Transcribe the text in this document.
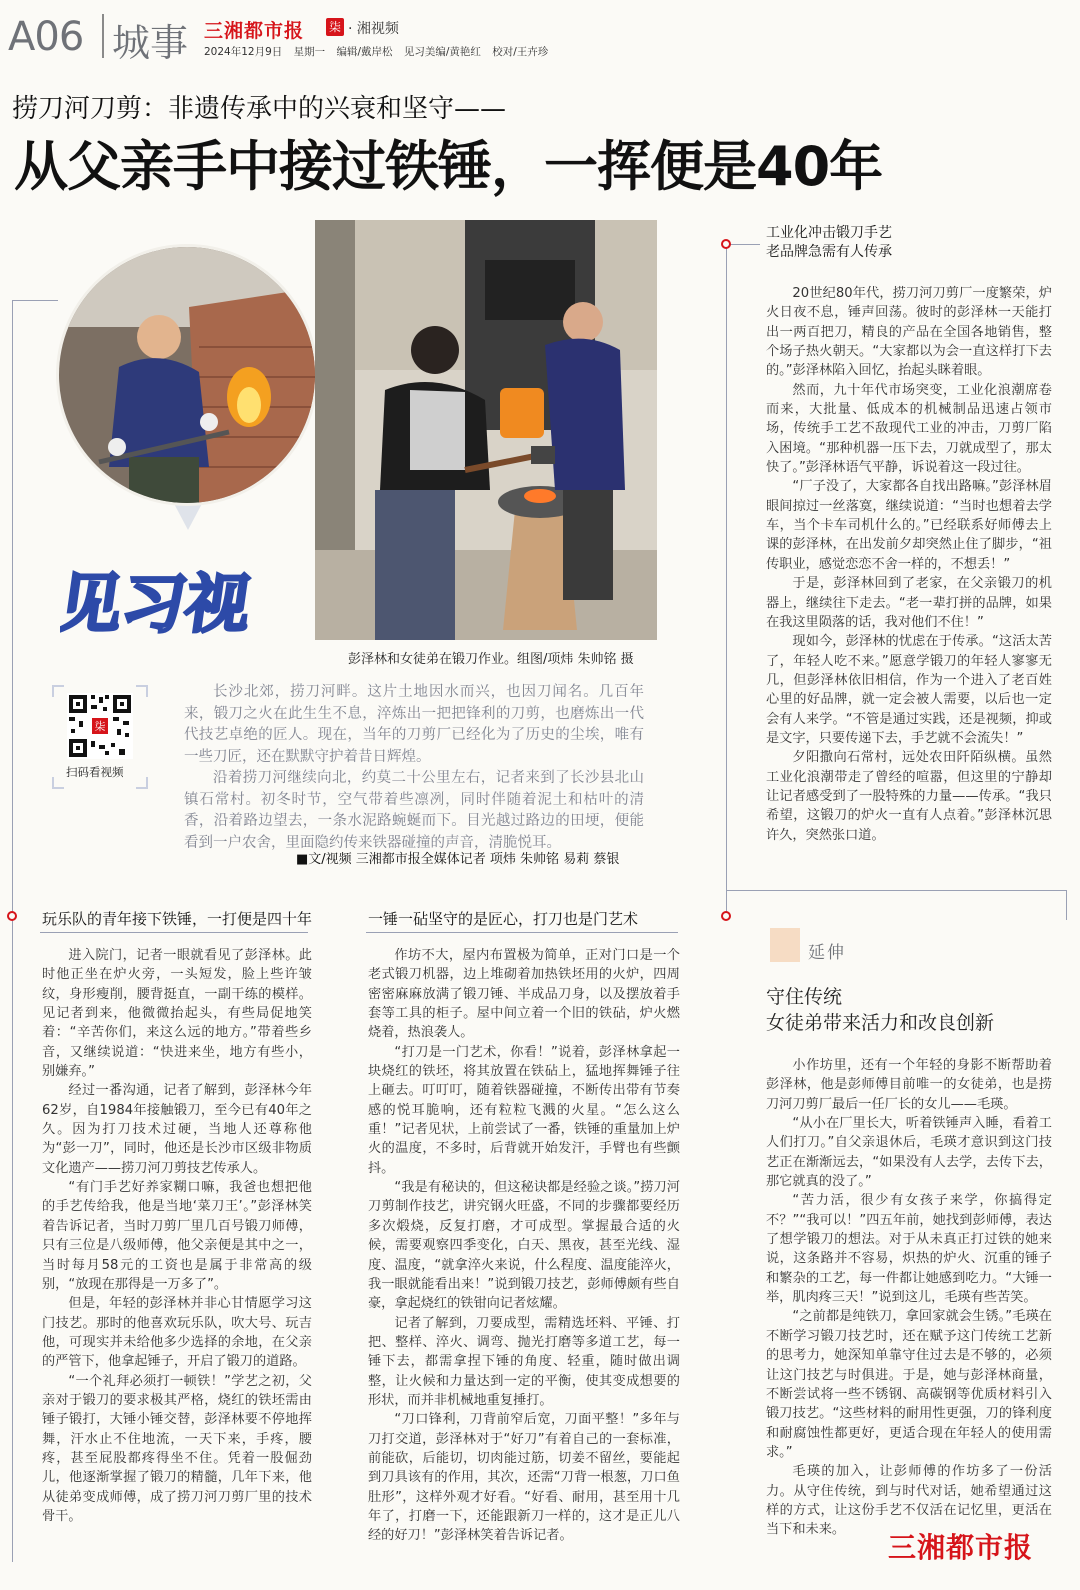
A06 城事 三湘都市报 柒 · 湘视频
2024年12月9日 星期一 编辑/戴岸松 见习美编/黄艳红 校对/王卉珍
捞刀河刀剪：非遗传承中的兴衰和坚守——
从父亲手中接过铁锤，一挥便是40年
彭泽林和女徒弟在锻刀作业。组图/项炜 朱帅铭 摄
见习视
柒
扫码看视频

长沙北郊，捞刀河畔。这片土地因水而兴，也因刀闻名。几百年来，锻刀之火在此生生不息，淬炼出一把把锋利的刀剪，也磨炼出一代代技艺卓绝的匠人。现在，当年的刀剪厂已经化为了历史的尘埃，唯有一些刀匠，还在默默守护着昔日辉煌。

沿着捞刀河继续向北，约莫二十公里左右，记者来到了长沙县北山镇石常村。初冬时节，空气带着些凛冽，同时伴随着泥土和枯叶的清香，沿着路边望去，一条水泥路蜿蜒而下。目光越过路边的田埂，便能看到一户农舍，里面隐约传来铁器碰撞的声音，清脆悦耳。

■文/视频 三湘都市报全媒体记者 项炜 朱帅铭 易莉 蔡银
玩乐队的青年接下铁锤，一打便是四十年

进入院门，记者一眼就看见了彭泽林。此时他正坐在炉火旁，一头短发，脸上些许皱纹，身形瘦削，腰背挺直，一副干练的模样。见记者到来，他微微抬起头，有些局促地笑着：“辛苦你们，来这么远的地方。”带着些乡音，又继续说道：“快进来坐，地方有些小，别嫌弃。”

经过一番沟通，记者了解到，彭泽林今年62岁，自1984年接触锻刀，至今已有40年之久。因为打刀技术过硬，当地人还尊称他为“彭一刀”，同时，他还是长沙市区级非物质文化遗产——捞刀河刀剪技艺传承人。

“有门手艺好养家糊口嘛，我爸也想把他的手艺传给我，他是当地‘菜刀王’。”彭泽林笑着告诉记者，当时刀剪厂里几百号锻刀师傅，只有三位是八级师傅，他父亲便是其中之一，当时每月58元的工资也是属于非常高的级别，“放现在那得是一万多了”。

但是，年轻的彭泽林并非心甘情愿学习这门技艺。那时的他喜欢玩乐队，吹大号、玩吉他，可现实并未给他多少选择的余地，在父亲的严管下，他拿起锤子，开启了锻刀的道路。

“一个礼拜必须打一顿铁！”学艺之初，父亲对于锻刀的要求极其严格，烧红的铁坯需由锤子锻打，大锤小锤交替，彭泽林要不停地挥舞，汗水止不住地流，一天下来，手疼，腰疼，甚至屁股都疼得坐不住。凭着一股倔劲儿，他逐渐掌握了锻刀的精髓，几年下来，他从徒弟变成师傅，成了捞刀河刀剪厂里的技术骨干。

一锤一砧坚守的是匠心，打刀也是门艺术

作坊不大，屋内布置极为简单，正对门口是一个老式锻刀机器，边上堆砌着加热铁坯用的火炉，四周密密麻麻放满了锻刀锤、半成品刀身，以及摆放着手套等工具的柜子。屋中间立着一个旧的铁砧，炉火燃烧着，热浪袭人。

“打刀是一门艺术，你看！”说着，彭泽林拿起一块烧红的铁坯，将其放置在铁砧上，猛地挥舞锤子往上砸去。叮叮叮，随着铁器碰撞，不断传出带有节奏感的悦耳脆响，还有粒粒飞溅的火星。“怎么这么重！”记者见状，上前尝试了一番，铁锤的重量加上炉火的温度，不多时，后背就开始发汗，手臂也有些颤抖。

“我是有秘诀的，但这秘诀都是经验之谈。”捞刀河刀剪制作技艺，讲究钢火旺盛，不同的步骤都要经历多次煅烧，反复打磨，才可成型。掌握最合适的火候，需要观察四季变化，白天、黑夜，甚至光线、湿度、温度，“就拿淬火来说，什么程度、温度能淬火，我一眼就能看出来！”说到锻刀技艺，彭师傅颇有些自豪，拿起烧红的铁钳向记者炫耀。

记者了解到，刀要成型，需精选坯料、平锤、打把、整样、淬火、调弯、抛光打磨等多道工艺，每一锤下去，都需拿捏下锤的角度、轻重，随时做出调整，让火候和力量达到一定的平衡，使其变成想要的形状，而并非机械地重复捶打。

“刀口锋利，刀背前窄后宽，刀面平整！”多年与刀打交道，彭泽林对于“好刀”有着自己的一套标准，前能砍，后能切，切肉能过筋，切姜不留丝，要能起到刀具该有的作用，其次，还需“刀背一根葱，刀口鱼肚形”，这样外观才好看。“好看、耐用，甚至用十几年了，打磨一下，还能跟新刀一样的，这才是正儿八经的好刀！”彭泽林笑着告诉记者。

工业化冲击锻刀手艺
老品牌急需有人传承

20世纪80年代，捞刀河刀剪厂一度繁荣，炉火日夜不息，锤声回荡。彼时的彭泽林一天能打出一两百把刀，精良的产品在全国各地销售，整个场子热火朝天。“大家都以为会一直这样打下去的。”彭泽林陷入回忆，抬起头眯着眼。

然而，九十年代市场突变，工业化浪潮席卷而来，大批量、低成本的机械制品迅速占领市场，传统手工艺不敌现代工业的冲击，刀剪厂陷入困境。“那种机器一压下去，刀就成型了，那太快了。”彭泽林语气平静，诉说着这一段过往。

“厂子没了，大家都各自找出路嘛。”彭泽林眉眼间掠过一丝落寞，继续说道：“当时也想着去学车，当个卡车司机什么的。”已经联系好师傅去上课的彭泽林，在出发前夕却突然止住了脚步，“祖传职业，感觉恋恋不舍一样的，不想丢！”

于是，彭泽林回到了老家，在父亲锻刀的机器上，继续往下走去。“老一辈打拼的品牌，如果在我这里陨落的话，我对他们不住！”

现如今，彭泽林的忧虑在于传承。“这活太苦了，年轻人吃不来。”愿意学锻刀的年轻人寥寥无几，但彭泽林依旧相信，作为一个进入了老百姓心里的好品牌，就一定会被人需要，以后也一定会有人来学。“不管是通过实践，还是视频，抑或是文字，只要传递下去，手艺就不会流失！”

夕阳撒向石常村，远处农田阡陌纵横。虽然工业化浪潮带走了曾经的喧嚣，但这里的宁静却让记者感受到了一股特殊的力量——传承。“我只希望，这锻刀的炉火一直有人点着。”彭泽林沉思许久，突然张口道。

延伸
守住传统
女徒弟带来活力和改良创新

小作坊里，还有一个年轻的身影不断帮助着彭泽林，他是彭师傅目前唯一的女徒弟，也是捞刀河刀剪厂最后一任厂长的女儿——毛瑛。

“从小在厂里长大，听着铁锤声入睡，看着工人们打刀。”自父亲退休后，毛瑛才意识到这门技艺正在渐渐远去，“如果没有人去学，去传下去，那它就真的没了。”

“苦力活，很少有女孩子来学，你搞得定不？”“我可以！”四五年前，她找到彭师傅，表达了想学锻刀的想法。对于从未真正打过铁的她来说，这条路并不容易，炽热的炉火、沉重的锤子和繁杂的工艺，每一件都让她感到吃力。“大锤一举，肌肉疼三天！”说到这儿，毛瑛有些苦笑。

“之前都是纯铁刀，拿回家就会生锈。”毛瑛在不断学习锻刀技艺时，还在赋予这门传统工艺新的思考力，她深知单靠守住过去是不够的，必须让这门技艺与时俱进。于是，她与彭泽林商量，不断尝试将一些不锈钢、高碳钢等优质材料引入锻刀技艺。“这些材料的耐用性更强，刀的锋利度和耐腐蚀性都更好，更适合现在年轻人的使用需求。”

毛瑛的加入，让彭师傅的作坊多了一份活力。从守住传统，到与时代对话，她希望通过这样的方式，让这份手艺不仅活在记忆里，更活在当下和未来。

三湘都市报
